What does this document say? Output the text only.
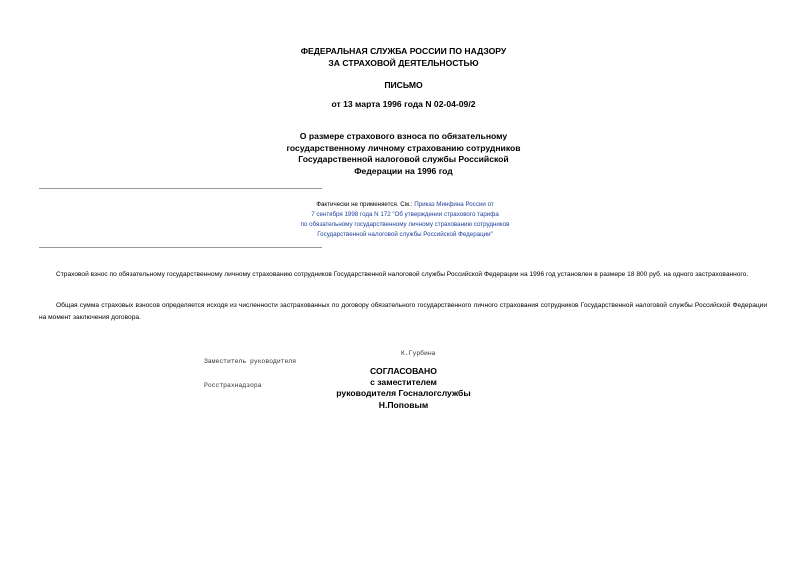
ФЕДЕРАЛЬНАЯ СЛУЖБА РОССИИ ПО НАДЗОРУ
ЗА СТРАХОВОЙ ДЕЯТЕЛЬНОСТЬЮ
ПИСЬМО
от 13 марта 1996 года N 02-04-09/2
О размере страхового взноса по обязательному
государственному личному страхованию сотрудников
Государственной налоговой службы Российской
Федерации на 1996 год
Фактически не применяется. См.: Приказ Минфина России от
7 сентября 1998 года N 172 "Об утверждении страхового тарифа
по обязательному государственному личному страхованию сотрудников
Государственной налоговой службы Российской Федерации"
Страховой взнос по обязательному государственному личному страхованию сотрудников Государственной налоговой службы Российской Федерации на 1996 год установлен в размере 18 800 руб. на одного застрахованного.
Общая сумма страховых взносов определяется исходя из численности застрахованных по договору обязательного государственного личного страхования сотрудников Государственной налоговой службы Российской Федерации на момент заключения договора.

Заместитель руководителя

Росстрахнадзора

К.Гурбина
СОГЛАСОВАНО
с заместителем
руководителя Госналогслужбы
Н.Поповым
